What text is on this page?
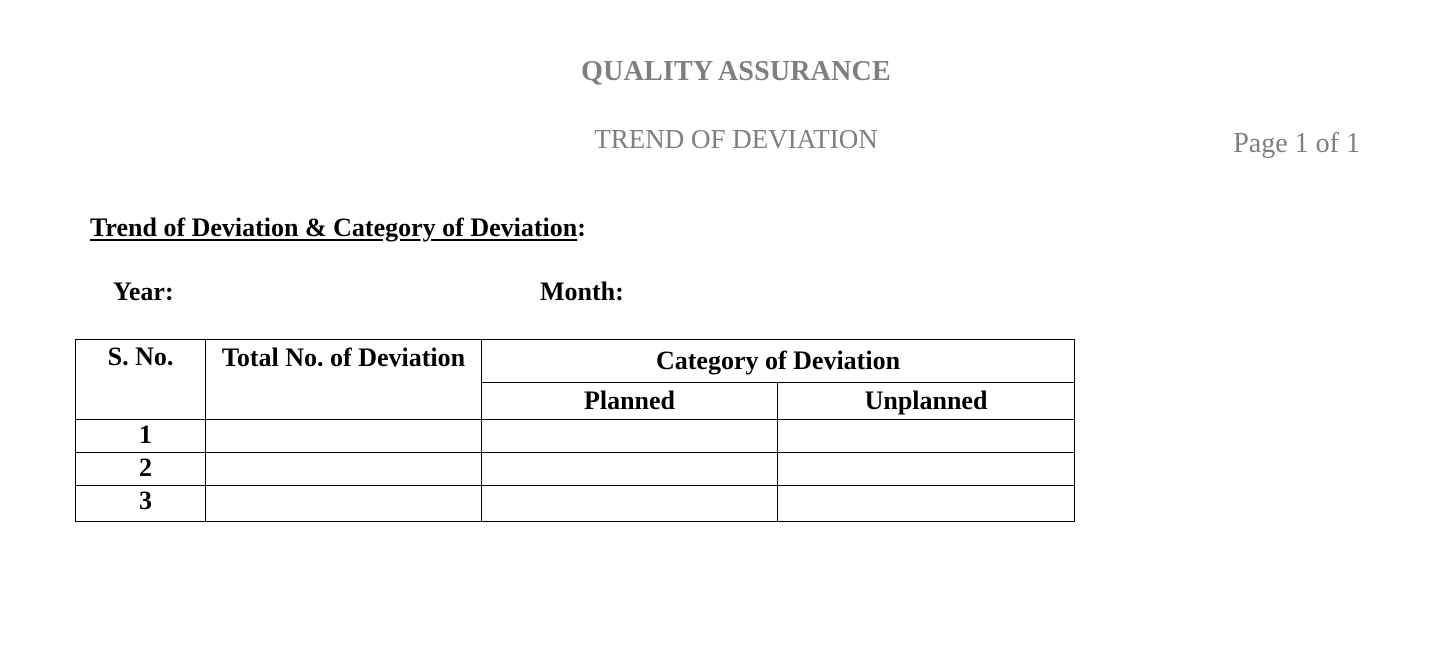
QUALITY ASSURANCE
TREND OF DEVIATION	Page 1 of 1
Trend of Deviation & Category of Deviation:
Year:	Month:
S. No.	Total No. of Deviation	Category of Deviation	
		Planned	Unplanned
1			
2			
3			
